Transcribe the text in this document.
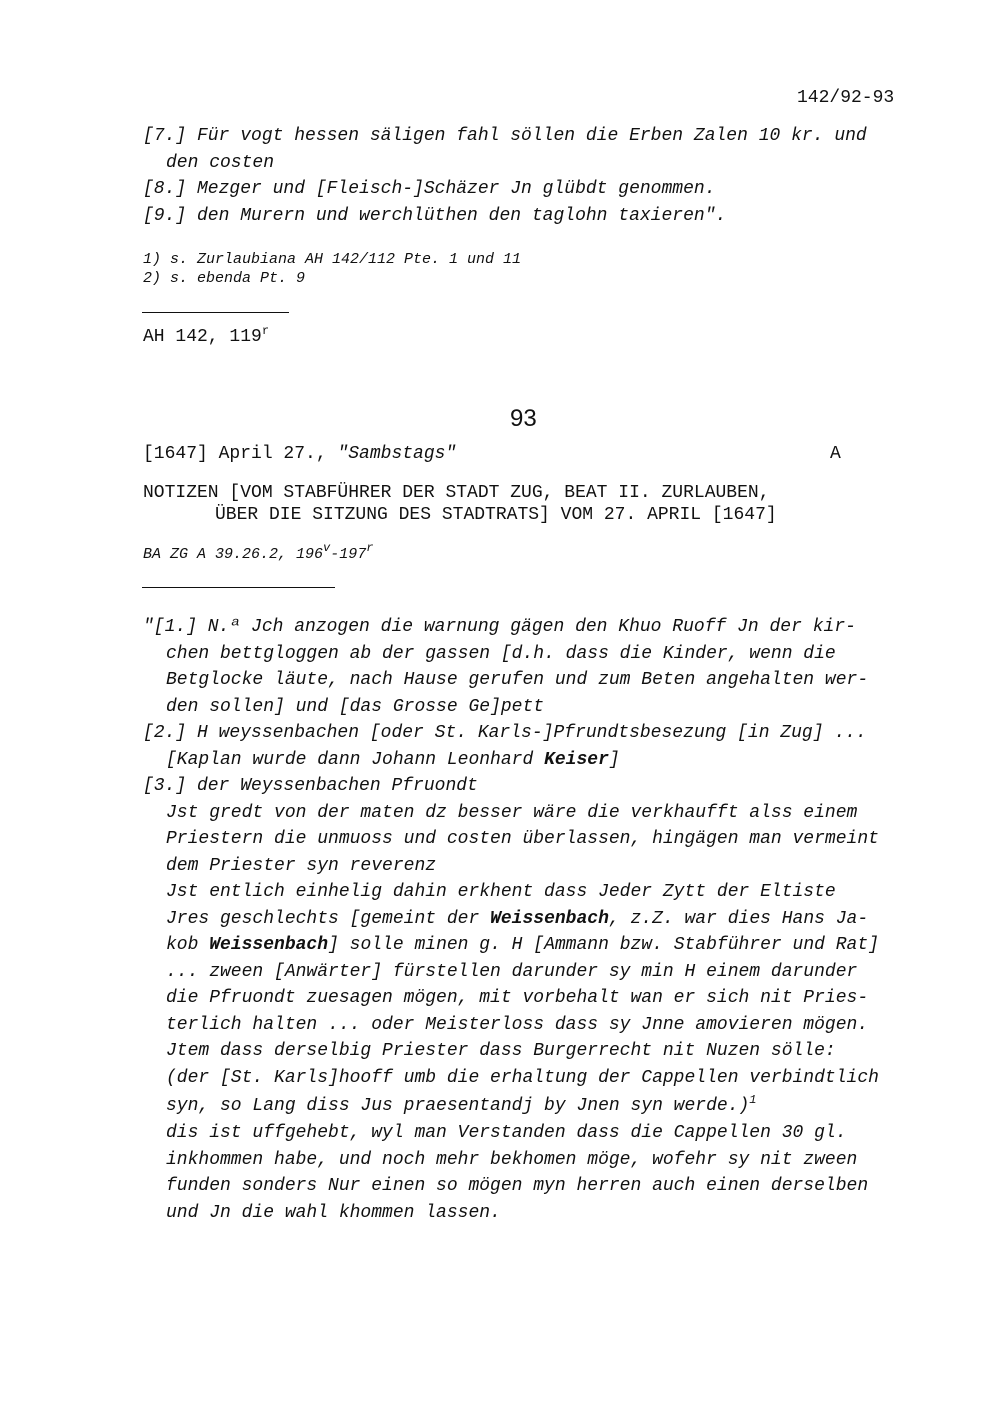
142/92-93
[7.] Für vogt hessen säligen fahl söllen die Erben Zalen 10 kr. und
den costen
[8.] Mezger und [Fleisch-]Schäzer Jn glübdt genommen.
[9.] den Murern und werchlüthen den taglohn taxieren".
1) s. Zurlaubiana AH 142/112 Pte. 1 und 11
2) s. ebenda Pt. 9
AH 142, 119$^r$
93
[1647] April 27., "Sambstags"	A
NOTIZEN [VOM STABFÜHRER DER STADT ZUG, BEAT II. ZURLAUBEN,
ÜBER DIE SITZUNG DES STADTRATS] VOM 27. APRIL [1647]
BA ZG A 39.26.2, 196$^v$-197$^r$
"[1.] N.ª Jch anzogen die warnung gägen den Khuo Ruoff Jn der kir-
chen bettgloggen ab der gassen [d.h. dass die Kinder, wenn die
Betglocke läute, nach Hause gerufen und zum Beten angehalten wer-
den sollen] und [das Grosse Ge]pett
[2.] H weyssenbachen [oder St. Karls-]Pfrundtsbesezung [in Zug] ...
[Kaplan wurde dann Johann Leonhard Keiser]
[3.] der Weyssenbachen Pfruondt
Jst gredt von der maten dz besser wäre die verkhaufft alss einem
Priestern die unmuoss und costen überlassen, hingägen man vermeint
dem Priester syn reverenz
Jst entlich einhelig dahin erkhent dass Jeder Zytt der Eltiste
Jres geschlechts [gemeint der Weissenbach, z.Z. war dies Hans Ja-
kob Weissenbach] solle minen g. H [Ammann bzw. Stabführer und Rat]
... zween [Anwärter] fürstellen darunder sy min H einem darunder
die Pfruondt zuesagen mögen, mit vorbehalt wan er sich nit Pries-
terlich halten ... oder Meisterloss dass sy Jnne amovieren mögen.
Jtem dass derselbig Priester dass Burgerrecht nit Nuzen sölle:
(der [St. Karls]hooff umb die erhaltung der Cappellen verbindtlich
syn, so Lang diss Jus praesentandj by Jnen syn werde.)$^1$
dis ist uffgehebt, wyl man Verstanden dass die Cappellen 30 gl.
inkhommen habe, und noch mehr bekhomen möge, wofehr sy nit zween
funden sonders Nur einen so mögen myn herren auch einen derselben
und Jn die wahl khommen lassen.
